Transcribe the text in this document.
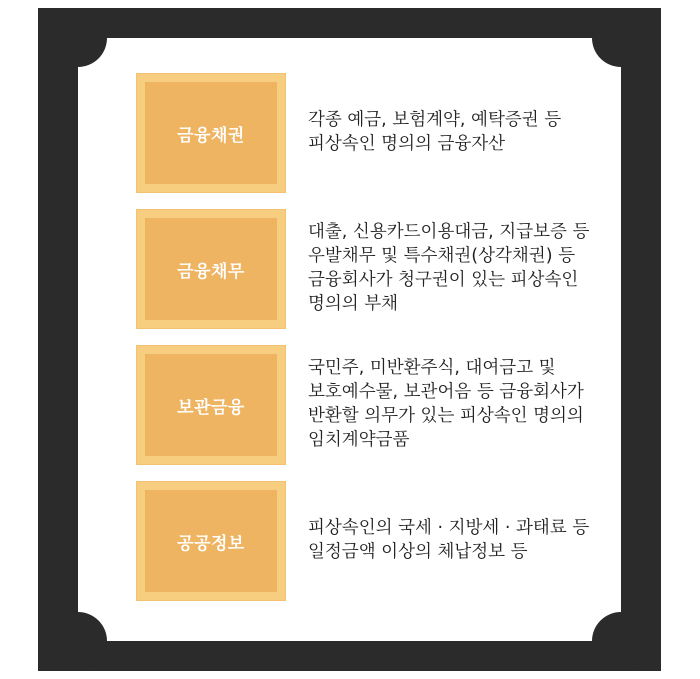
금융채권
각종 예금, 보험계약, 예탁증권 등
피상속인 명의의 금융자산
금융채무
대출, 신용카드이용대금, 지급보증 등
우발채무 및 특수채권(상각채권) 등
금융회사가 청구권이 있는 피상속인
명의의 부채
보관금융
국민주, 미반환주식, 대여금고 및
보호예수물, 보관어음 등 금융회사가
반환할 의무가 있는 피상속인 명의의
임치계약금품
공공정보
피상속인의 국세 · 지방세 · 과태료 등
일정금액 이상의 체납정보 등
